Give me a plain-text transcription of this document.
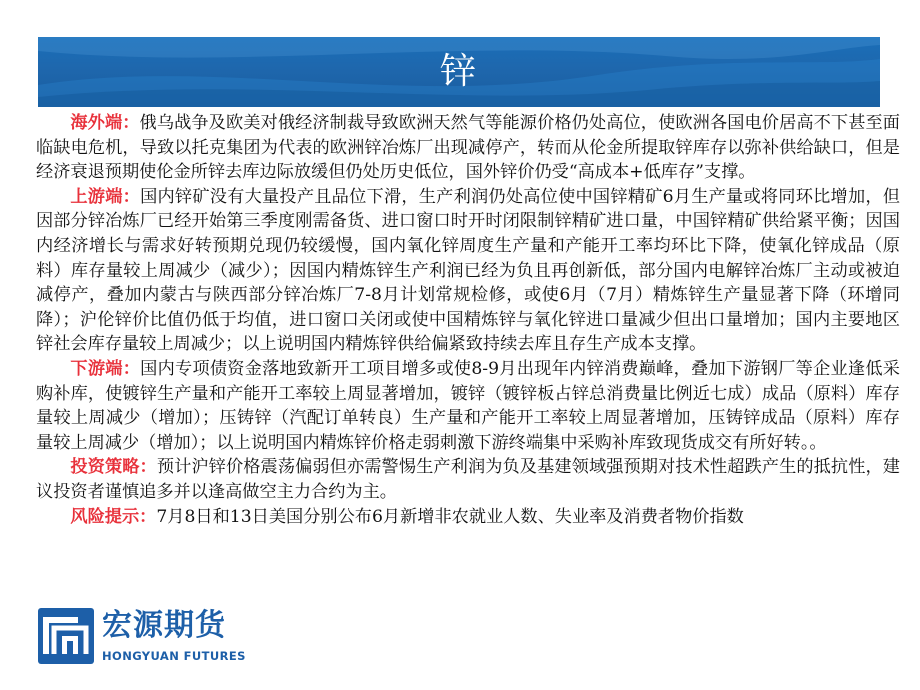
锌

海外端：俄乌战争及欧美对俄经济制裁导致欧洲天然气等能源价格仍处高位，使欧洲各国电价居高不下甚至面临缺电危机，导致以托克集团为代表的欧洲锌冶炼厂出现减停产，转而从伦金所提取锌库存以弥补供给缺口，但是经济衰退预期使伦金所锌去库边际放缓但仍处历史低位，国外锌价仍受“高成本+低库存”支撑。

上游端：国内锌矿没有大量投产且品位下滑，生产利润仍处高位使中国锌精矿6月生产量或将同环比增加，但因部分锌冶炼厂已经开始第三季度刚需备货、进口窗口时开时闭限制锌精矿进口量，中国锌精矿供给紧平衡；因国内经济增长与需求好转预期兑现仍较缓慢，国内氧化锌周度生产量和产能开工率均环比下降，使氧化锌成品（原料）库存量较上周减少（减少）；因国内精炼锌生产利润已经为负且再创新低，部分国内电解锌冶炼厂主动或被迫减停产，叠加内蒙古与陕西部分锌冶炼厂7-8月计划常规检修，或使6月（7月）精炼锌生产量显著下降（环增同降）；沪伦锌价比值仍低于均值，进口窗口关闭或使中国精炼锌与氧化锌进口量减少但出口量增加；国内主要地区锌社会库存量较上周减少；以上说明国内精炼锌供给偏紧致持续去库且存生产成本支撑。

下游端：国内专项债资金落地致新开工项目增多或使8-9月出现年内锌消费巅峰，叠加下游钢厂等企业逢低采购补库，使镀锌生产量和产能开工率较上周显著增加，镀锌（镀锌板占锌总消费量比例近七成）成品（原料）库存量较上周减少（增加）；压铸锌（汽配订单转良）生产量和产能开工率较上周显著增加，压铸锌成品（原料）库存量较上周减少（增加）；以上说明国内精炼锌价格走弱刺激下游终端集中采购补库致现货成交有所好转。。

投资策略：预计沪锌价格震荡偏弱但亦需警惕生产利润为负及基建领域强预期对技术性超跌产生的抵抗性，建议投资者谨慎追多并以逢高做空主力合约为主。

风险提示：7月8日和13日美国分别公布6月新增非农就业人数、失业率及消费者物价指数

宏源期货
HONGYUAN FUTURES
